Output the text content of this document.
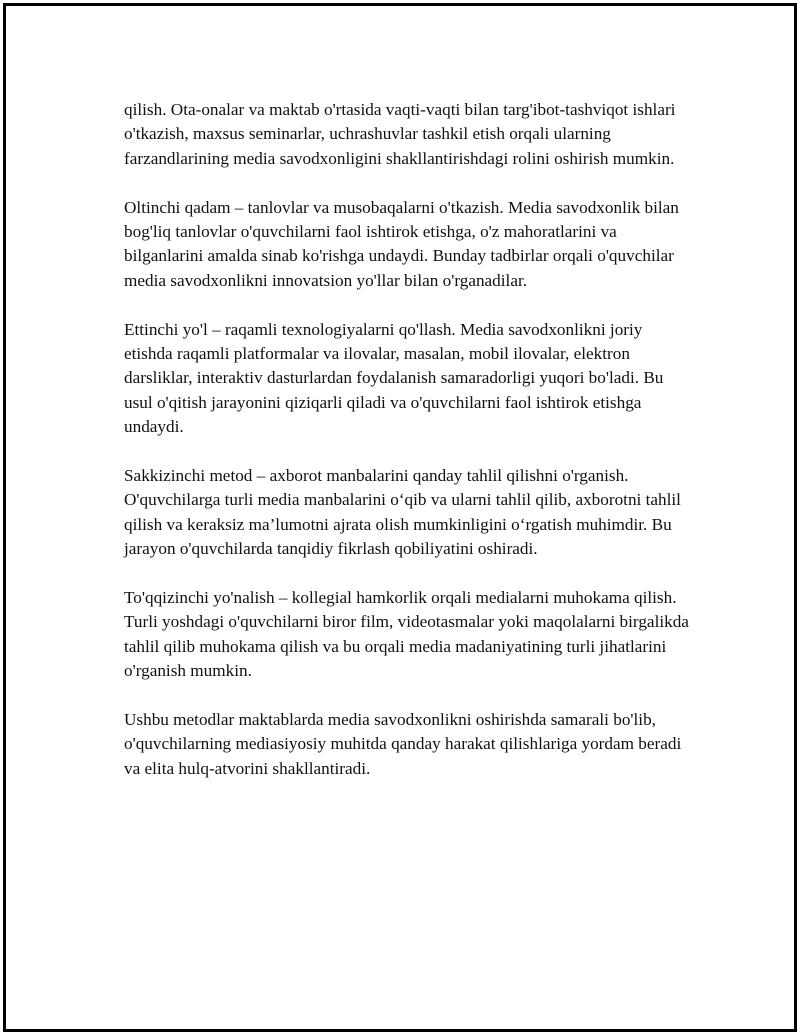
qilish. Ota-onalar va maktab o'rtasida vaqti-vaqti bilan targ'ibot-tashviqot ishlari o'tkazish, maxsus seminarlar, uchrashuvlar tashkil etish orqali ularning farzandlarining media savodxonligini shakllantirishdagi rolini oshirish mumkin.

Oltinchi qadam – tanlovlar va musobaqalarni o'tkazish. Media savodxonlik bilan bog'liq tanlovlar o'quvchilarni faol ishtirok etishga, o'z mahoratlarini va bilganlarini amalda sinab ko'rishga undaydi. Bunday tadbirlar orqali o'quvchilar media savodxonlikni innovatsion yo'llar bilan o'rganadilar.

Ettinchi yo'l – raqamli texnologiyalarni qo'llash. Media savodxonlikni joriy etishda raqamli platformalar va ilovalar, masalan, mobil ilovalar, elektron darsliklar, interaktiv dasturlardan foydalanish samaradorligi yuqori bo'ladi. Bu usul o'qitish jarayonini qiziqarli qiladi va o'quvchilarni faol ishtirok etishga undaydi.

Sakkizinchi metod – axborot manbalarini qanday tahlil qilishni o'rganish. O'quvchilarga turli media manbalarini o‘qib va ularni tahlil qilib, axborotni tahlil qilish va keraksiz ma’lumotni ajrata olish mumkinligini o‘rgatish muhimdir. Bu jarayon o'quvchilarda tanqidiy fikrlash qobiliyatini oshiradi.

To'qqizinchi yo'nalish – kollegial hamkorlik orqali medialarni muhokama qilish. Turli yoshdagi o'quvchilarni biror film, videotasmalar yoki maqolalarni birgalikda tahlil qilib muhokama qilish va bu orqali media madaniyatining turli jihatlarini o'rganish mumkin.

Ushbu metodlar maktablarda media savodxonlikni oshirishda samarali bo'lib, o'quvchilarning mediasiyosiy muhitda qanday harakat qilishlariga yordam beradi va elita hulq-atvorini shakllantiradi.
